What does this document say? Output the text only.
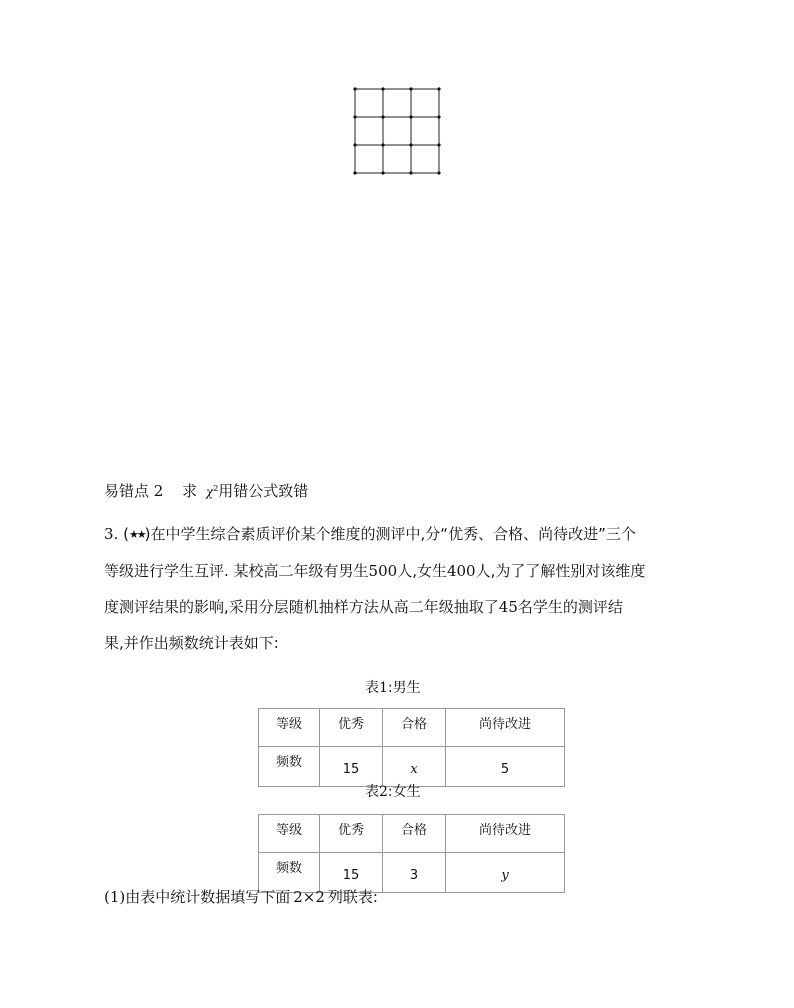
易错点 2 求 $\chi^2$用错公式致错
3. (★★)在中学生综合素质评价某个维度的测评中,分“优秀、合格、尚待改进”三个
等级进行学生互评. 某校高二年级有男生500人,女生400人,为了了解性别对该维度
度测评结果的影响,采用分层随机抽样方法从高二年级抽取了45名学生的测评结
果,并作出频数统计表如下:
表1:男生
等级	优秀	合格	尚待改进
频数	15	x	5
表2:女生
等级	优秀	合格	尚待改进
频数	15	3	y
(1)由表中统计数据填写下面 2×2 列联表:
